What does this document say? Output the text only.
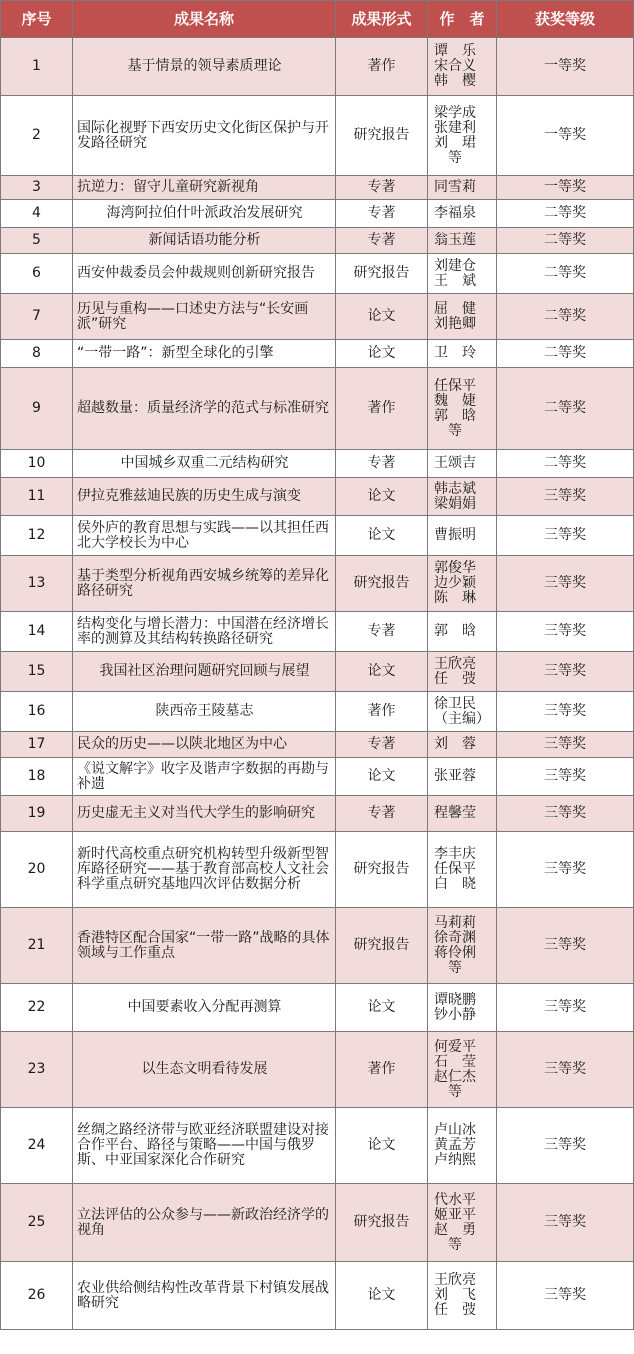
序号	成果名称	成果形式	作　者	获奖等级
1	基于情景的领导素质理论	著作	谭　乐
宋合义
韩　樱	一等奖
2	国际化视野下西安历史文化街区保护与开发路径研究	研究报告	梁学成
张建利
刘　珺
等	一等奖
3	抗逆力：留守儿童研究新视角	专著	同雪莉	一等奖
4	海湾阿拉伯什叶派政治发展研究	专著	李福泉	二等奖
5	新闻话语功能分析	专著	翁玉莲	二等奖
6	西安仲裁委员会仲裁规则创新研究报告	研究报告	刘建仓
王　斌	二等奖
7	历见与重构——口述史方法与“长安画派”研究	论文	屈　健
刘艳卿	二等奖
8	“一带一路”：新型全球化的引擎	论文	卫　玲	二等奖
9	超越数量：质量经济学的范式与标准研究	著作	任保平
魏　婕
郭　晗
等	二等奖
10	中国城乡双重二元结构研究	专著	王颂吉	二等奖
11	伊拉克雅兹迪民族的历史生成与演变	论文	韩志斌
梁娟娟	三等奖
12	侯外庐的教育思想与实践——以其担任西北大学校长为中心	论文	曹振明	三等奖
13	基于类型分析视角西安城乡统筹的差异化路径研究	研究报告	郭俊华
边少颖
陈　琳	三等奖
14	结构变化与增长潜力：中国潜在经济增长率的测算及其结构转换路径研究	专著	郭　晗	三等奖
15	我国社区治理问题研究回顾与展望	论文	王欣亮
任　弢	三等奖
16	陕西帝王陵墓志	著作	徐卫民
（主编）	三等奖
17	民众的历史——以陕北地区为中心	专著	刘　蓉	三等奖
18	《说文解字》收字及谐声字数据的再勘与补遗	论文	张亚蓉	三等奖
19	历史虚无主义对当代大学生的影响研究	专著	程馨莹	三等奖
20	新时代高校重点研究机构转型升级新型智库路径研究——基于教育部高校人文社会科学重点研究基地四次评估数据分析	研究报告	李丰庆
任保平
白　晓	三等奖
21	香港特区配合国家“一带一路”战略的具体领域与工作重点	研究报告	马莉莉
徐奇渊
蒋伶俐
等	三等奖
22	中国要素收入分配再测算	论文	谭晓鹏
钞小静	三等奖
23	以生态文明看待发展	著作	何爱平
石　莹
赵仁杰
等	三等奖
24	丝绸之路经济带与欧亚经济联盟建设对接合作平台、路径与策略——中国与俄罗斯、中亚国家深化合作研究	论文	卢山冰
黄孟芳
卢纳熙	三等奖
25	立法评估的公众参与——新政治经济学的视角	研究报告	代水平
姬亚平
赵　勇
等	三等奖
26	农业供给侧结构性改革背景下村镇发展战略研究	论文	王欣亮
刘　飞
任　弢	三等奖
